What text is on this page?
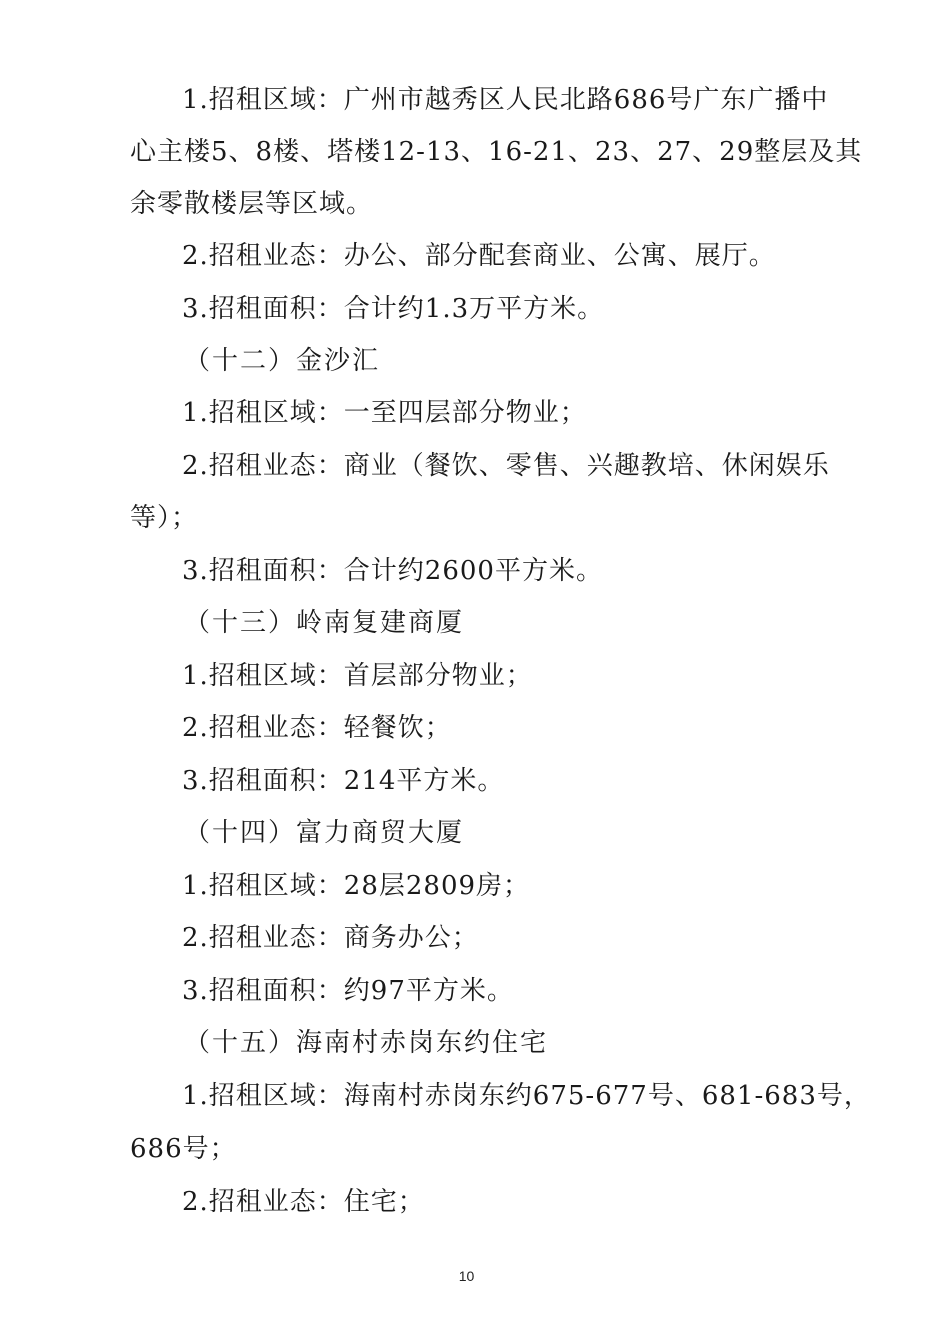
1.招租区域：广州市越秀区人民北路686号广东广播中
心主楼5、8楼、塔楼12-13、16-21、23、27、29整层及其
余零散楼层等区域。
2.招租业态：办公、部分配套商业、公寓、展厅。
3.招租面积：合计约1.3万平方米。
（十二）金沙汇
1.招租区域：一至四层部分物业；
2.招租业态：商业（餐饮、零售、兴趣教培、休闲娱乐
等）；
3.招租面积：合计约2600平方米。
（十三）岭南复建商厦
1.招租区域：首层部分物业；
2.招租业态：轻餐饮；
3.招租面积：214平方米。
（十四）富力商贸大厦
1.招租区域：28层2809房；
2.招租业态：商务办公；
3.招租面积：约97平方米。
（十五）海南村赤岗东约住宅
1.招租区域：海南村赤岗东约675-677号、681-683号，
686号；
2.招租业态：住宅；
10
